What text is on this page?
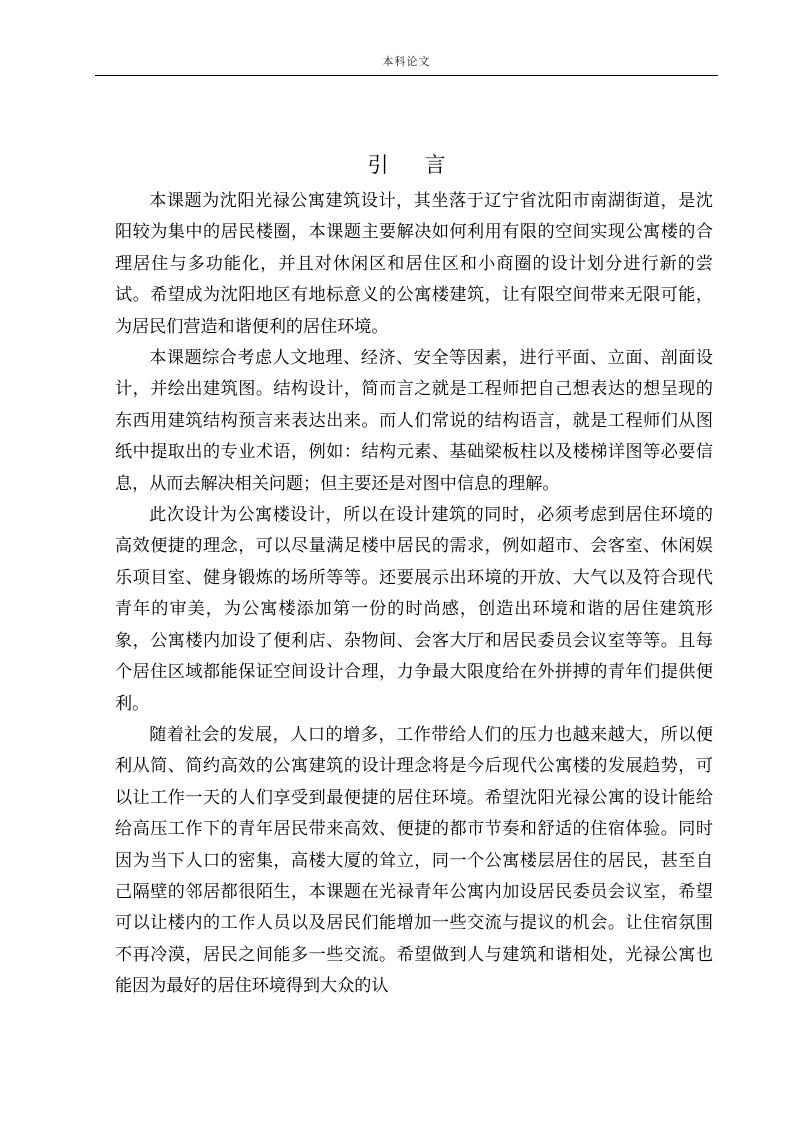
本科论文
引 言

本课题为沈阳光禄公寓建筑设计，其坐落于辽宁省沈阳市南湖街道，是沈阳较为集中的居民楼圈，本课题主要解决如何利用有限的空间实现公寓楼的合理居住与多功能化，并且对休闲区和居住区和小商圈的设计划分进行新的尝试。希望成为沈阳地区有地标意义的公寓楼建筑，让有限空间带来无限可能，为居民们营造和谐便利的居住环境。

本课题综合考虑人文地理、经济、安全等因素，进行平面、立面、剖面设计，并绘出建筑图。结构设计，简而言之就是工程师把自己想表达的想呈现的东西用建筑结构预言来表达出来。而人们常说的结构语言，就是工程师们从图纸中提取出的专业术语，例如：结构元素、基础梁板柱以及楼梯详图等必要信息，从而去解决相关问题；但主要还是对图中信息的理解。

此次设计为公寓楼设计，所以在设计建筑的同时，必须考虑到居住环境的高效便捷的理念，可以尽量满足楼中居民的需求，例如超市、会客室、休闲娱乐项目室、健身锻炼的场所等等。还要展示出环境的开放、大气以及符合现代青年的审美，为公寓楼添加第一份的时尚感，创造出环境和谐的居住建筑形象，公寓楼内加设了便利店、杂物间、会客大厅和居民委员会议室等等。且每个居住区域都能保证空间设计合理，力争最大限度给在外拼搏的青年们提供便利。

随着社会的发展，人口的增多，工作带给人们的压力也越来越大，所以便利从简、简约高效的公寓建筑的设计理念将是今后现代公寓楼的发展趋势，可以让工作一天的人们享受到最便捷的居住环境。希望沈阳光禄公寓的设计能给给高压工作下的青年居民带来高效、便捷的都市节奏和舒适的住宿体验。同时因为当下人口的密集，高楼大厦的耸立，同一个公寓楼层居住的居民，甚至自己隔壁的邻居都很陌生，本课题在光禄青年公寓内加设居民委员会议室，希望可以让楼内的工作人员以及居民们能增加一些交流与提议的机会。让住宿氛围不再冷漠，居民之间能多一些交流。希望做到人与建筑和谐相处，光禄公寓也能因为最好的居住环境得到大众的认
